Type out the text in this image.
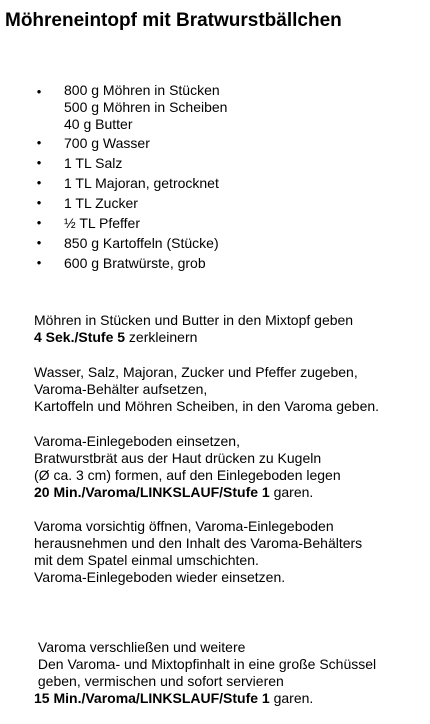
Möhreneintopf mit Bratwurstbällchen
• 800 g Möhren in Stücken
500 g Möhren in Scheiben
40 g Butter
• 700 g Wasser
• 1 TL Salz
• 1 TL Majoran, getrocknet
• 1 TL Zucker
• ½ TL Pfeffer
• 850 g Kartoffeln (Stücke)
• 600 g Bratwürste, grob
Möhren in Stücken und Butter in den Mixtopf geben
4 Sek./Stufe 5 zerkleinern
Wasser, Salz, Majoran, Zucker und Pfeffer zugeben,
Varoma-Behälter aufsetzen,
Kartoffeln und Möhren Scheiben, in den Varoma geben.
Varoma-Einlegeboden einsetzen,
Bratwurstbrät aus der Haut drücken zu Kugeln
(Ø ca. 3 cm) formen, auf den Einlegeboden legen
20 Min./Varoma/LINKSLAUF/Stufe 1 garen.
Varoma vorsichtig öffnen, Varoma-Einlegeboden
herausnehmen und den Inhalt des Varoma-Behälters
mit dem Spatel einmal umschichten.
Varoma-Einlegeboden wieder einsetzen.

Varoma verschließen und weitere

15 Min./Varoma/LINKSLAUF/Stufe 1 garen.

Den Varoma- und Mixtopfinhalt in eine große Schüssel
geben, vermischen und sofort servieren
